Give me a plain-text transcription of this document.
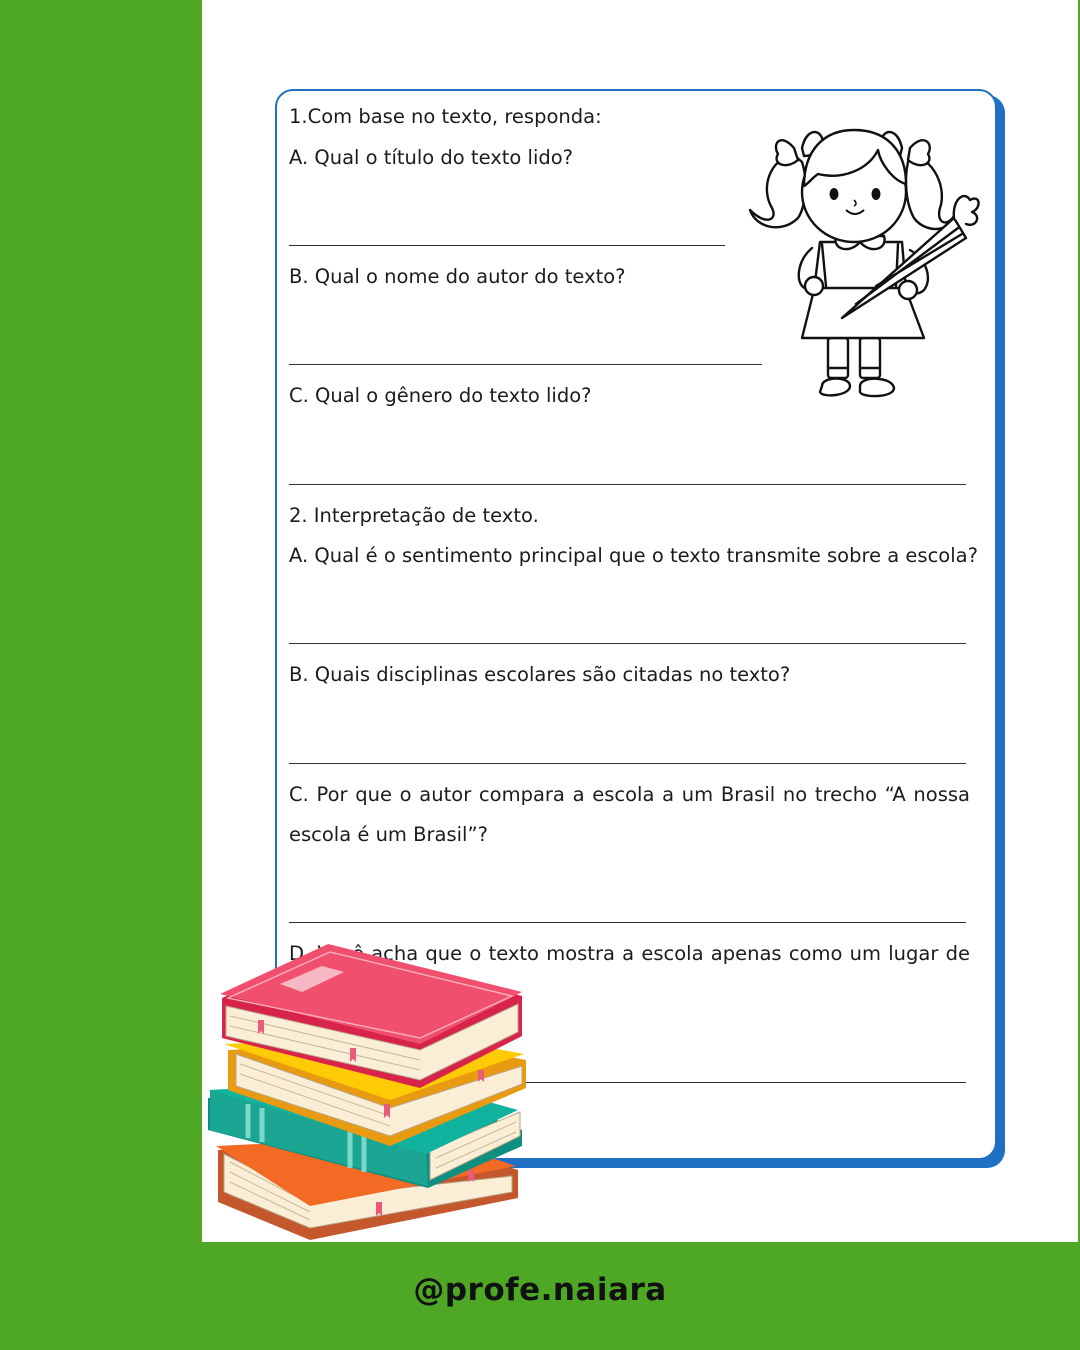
1.Com base no texto, responda:

A. Qual o título do texto lido?

B. Qual o nome do autor do texto?

C. Qual o gênero do texto lido?

2. Interpretação de texto.

A. Qual é o sentimento principal que o texto transmite sobre a escola?

B. Quais disciplinas escolares são citadas no texto?

C. Por que o autor compara a escola a um Brasil no trecho “A nossa

escola é um Brasil”?

D. Você acha que o texto mostra a escola apenas como um lugar de

@profe.naiara
